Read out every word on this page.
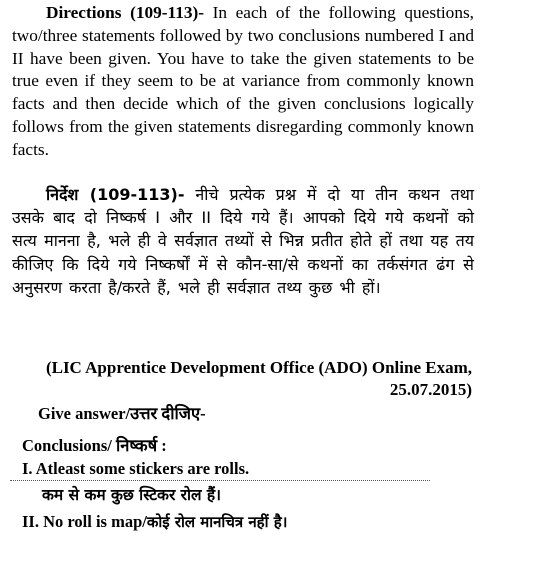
Directions (109-113)- In each of the following questions, two/three statements followed by two conclusions numbered I and II have been given. You have to take the given statements to be true even if they seem to be at variance from commonly known facts and then decide which of the given conclusions logically follows from the given statements disregarding commonly known facts.
निर्देश (109-113)- नीचे प्रत्येक प्रश्न में दो या तीन कथन तथा उसके बाद दो निष्कर्ष I और II दिये गये हैं। आपको दिये गये कथनों को सत्य मानना है, भले ही वे सर्वज्ञात तथ्यों से भिन्न प्रतीत होते हों तथा यह तय कीजिए कि दिये गये निष्कर्षों में से कौन-सा/से कथनों का तर्कसंगत ढंग से अनुसरण करता है/करते हैं, भले ही सर्वज्ञात तथ्य कुछ भी हों।
(LIC Apprentice Development Office (ADO) Online Exam, 25.07.2015)
Give answer/उत्तर दीजिए-
Conclusions/ निष्कर्ष :
I. Atleast some stickers are rolls.
कम से कम कुछ स्टिकर रोल हैं।
II. No roll is map/कोई रोल मानचित्र नहीं है।
